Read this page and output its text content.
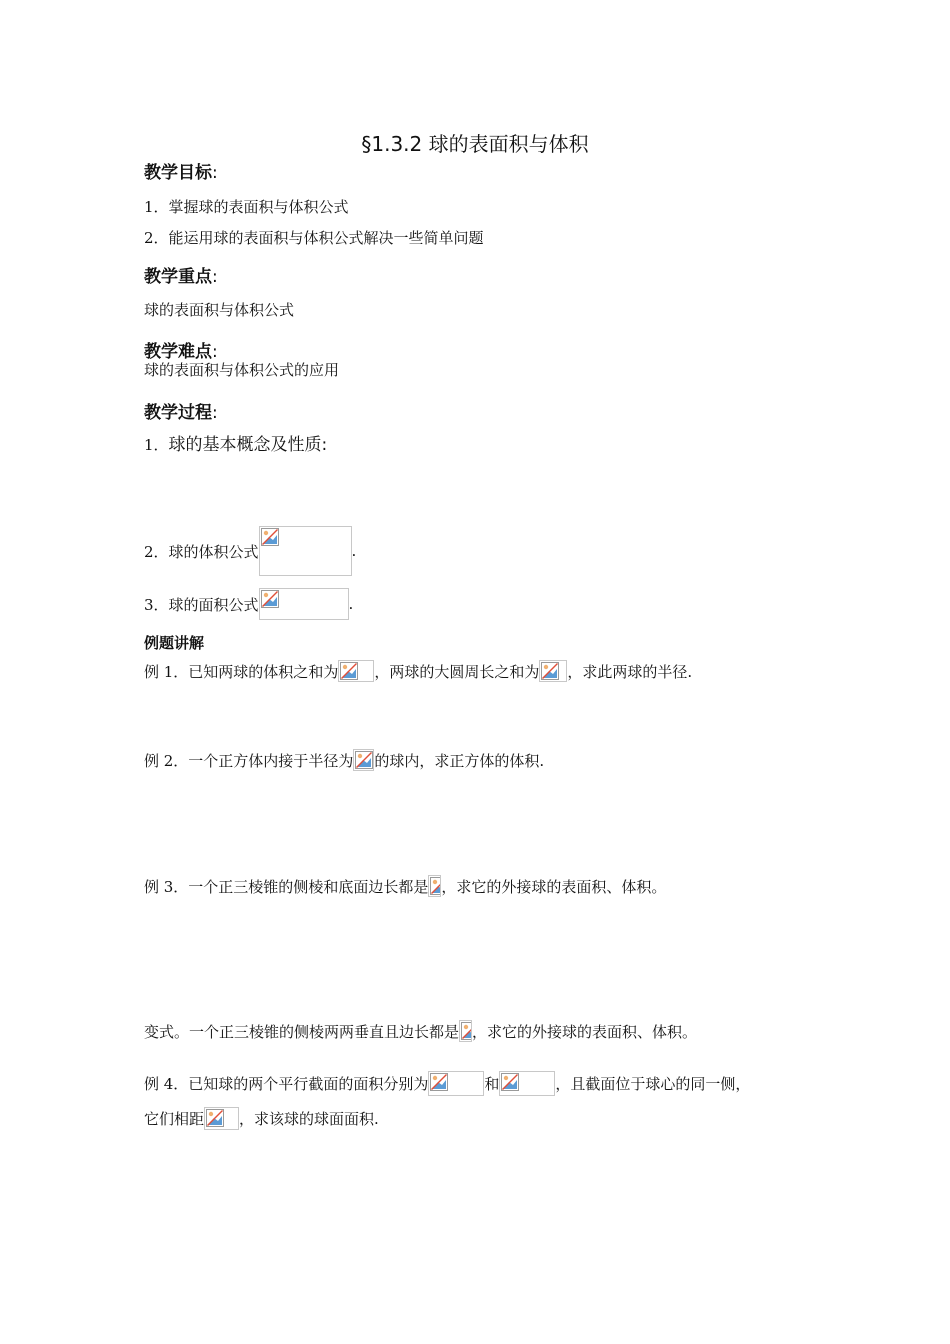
§1.3.2 球的表面积与体积
教学目标:
1．掌握球的表面积与体积公式
2．能运用球的表面积与体积公式解决一些简单问题
教学重点:
球的表面积与体积公式
教学难点:
球的表面积与体积公式的应用
教学过程:
1．球的基本概念及性质:
2．球的体积公式	.
3．球的面积公式	.
例题讲解
例 1．已知两球的体积之和为 ，两球的大圆周长之和为 ，求此两球的半径.
例 2．一个正方体内接于半径为 的球内，求正方体的体积.
例 3．一个正三棱锥的侧棱和底面边长都是 ，求它的外接球的表面积、体积。
变式。一个正三棱锥的侧棱两两垂直且边长都是 ，求它的外接球的表面积、体积。
例 4．已知球的两个平行截面的面积分别为	和	，且截面位于球心的同一侧，
它们相距 ，求该球的球面面积.
